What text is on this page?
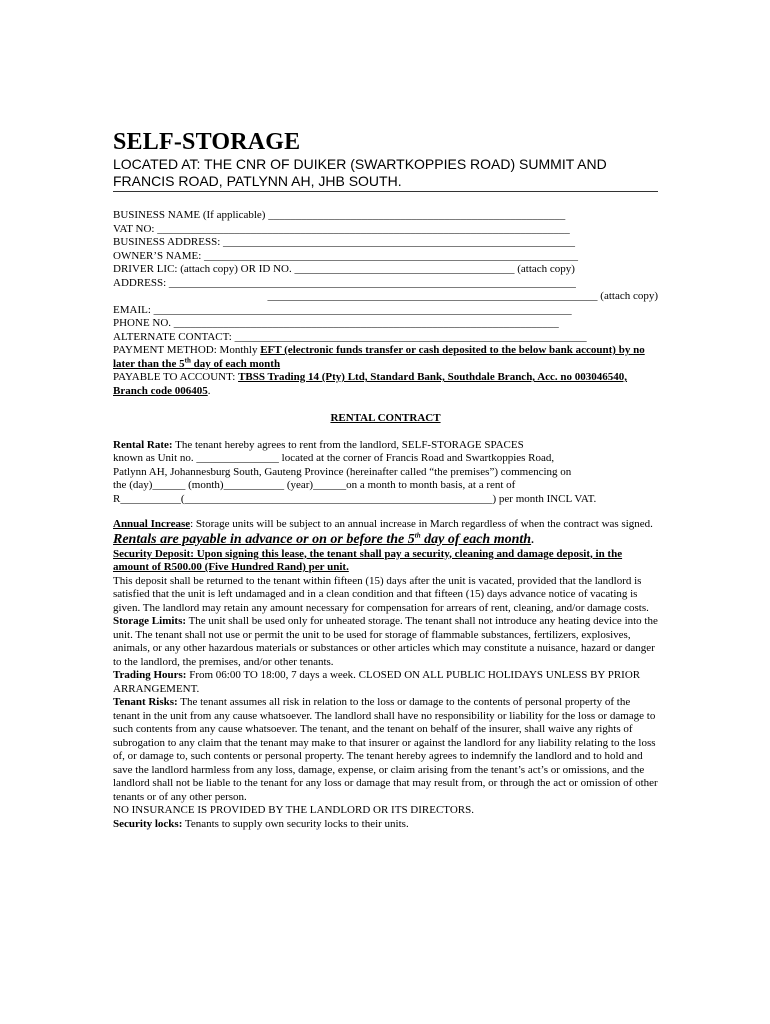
SELF-STORAGE
LOCATED AT: THE CNR OF DUIKER (SWARTKOPPIES ROAD) SUMMIT AND FRANCIS ROAD, PATLYNN AH, JHB SOUTH.
BUSINESS NAME (If applicable) ______________________________________________________
VAT NO: ___________________________________________________________________________
BUSINESS ADDRESS: ________________________________________________________________
OWNER’S NAME: ____________________________________________________________________
DRIVER LIC: (attach copy) OR ID NO. ________________________________________ (attach copy)
ADDRESS: __________________________________________________________________________
____________________________________________________________ (attach copy)
EMAIL: ____________________________________________________________________________
PHONE NO. ______________________________________________________________________
ALTERNATE CONTACT: ________________________________________________________________
PAYMENT METHOD: Monthly EFT (electronic funds transfer or cash deposited to the below bank account) by no later than the 5th day of each month
PAYABLE TO ACCOUNT: TBSS Trading 14 (Pty) Ltd, Standard Bank, Southdale Branch, Acc. no 003046540, Branch code 006405.
RENTAL CONTRACT
Rental Rate: The tenant hereby agrees to rent from the landlord, SELF-STORAGE SPACES
known as Unit no. _______________ located at the corner of Francis Road and Swartkoppies Road,
Patlynn AH, Johannesburg South, Gauteng Province (hereinafter called “the premises”) commencing on
the (day)______ (month)___________ (year)______on a month to month basis, at a rent of
R___________(________________________________________________________) per month INCL VAT.
Annual Increase: Storage units will be subject to an annual increase in March regardless of when the contract was signed.
Rentals are payable in advance or on or before the 5th day of each month.
Security Deposit: Upon signing this lease, the tenant shall pay a security, cleaning and damage deposit, in the amount of R500.00 (Five Hundred Rand) per unit.
This deposit shall be returned to the tenant within fifteen (15) days after the unit is vacated, provided that the landlord is satisfied that the unit is left undamaged and in a clean condition and that fifteen (15) days advance notice of vacating is given. The landlord may retain any amount necessary for compensation for arrears of rent, cleaning, and/or damage costs.
Storage Limits: The unit shall be used only for unheated storage. The tenant shall not introduce any heating device into the unit. The tenant shall not use or permit the unit to be used for storage of flammable substances, fertilizers, explosives, animals, or any other hazardous materials or substances or other articles which may constitute a nuisance, hazard or danger to the landlord, the premises, and/or other tenants.
Trading Hours: From 06:00 TO 18:00, 7 days a week. CLOSED ON ALL PUBLIC HOLIDAYS UNLESS BY PRIOR ARRANGEMENT.
Tenant Risks: The tenant assumes all risk in relation to the loss or damage to the contents of personal property of the tenant in the unit from any cause whatsoever. The landlord shall have no responsibility or liability for the loss or damage to such contents from any cause whatsoever. The tenant, and the tenant on behalf of the insurer, shall waive any rights of subrogation to any claim that the tenant may make to that insurer or against the landlord for any liability relating to the loss of, or damage to, such contents or personal property. The tenant hereby agrees to indemnify the landlord and to hold and save the landlord harmless from any loss, damage, expense, or claim arising from the tenant’s act’s or omissions, and the landlord shall not be liable to the tenant for any loss or damage that may result from, or through the act or omission of other tenants or of any other person.
NO INSURANCE IS PROVIDED BY THE LANDLORD OR ITS DIRECTORS.
Security locks: Tenants to supply own security locks to their units.
